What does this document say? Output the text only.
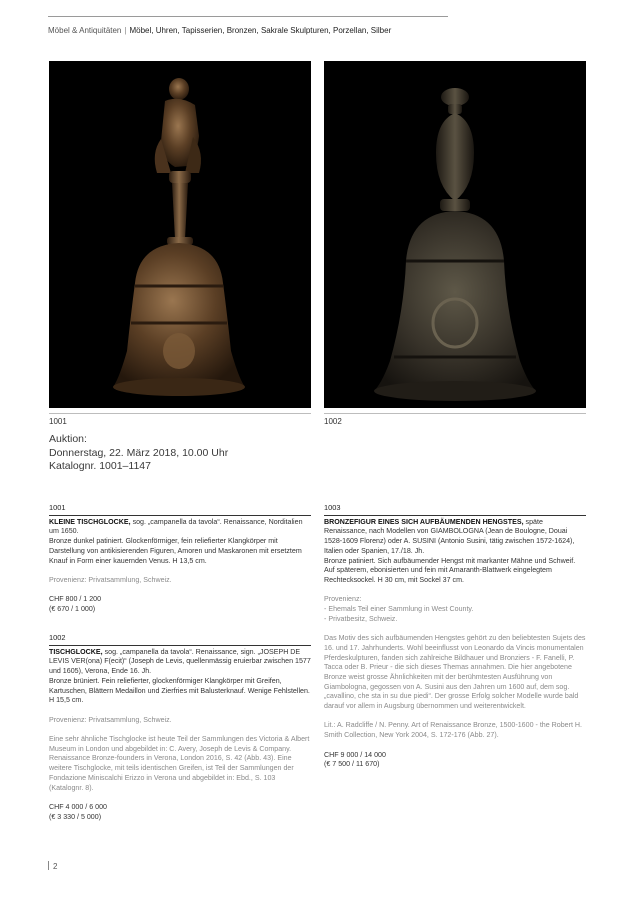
Möbel & Antiquitäten | Möbel, Uhren, Tapisserien, Bronzen, Sakrale Skulpturen, Porzellan, Silber
1001	1002
Auktion:
Donnerstag, 22. März 2018, 10.00 Uhr
Katalognr. 1001–1147
1001

KLEINE TISCHGLOCKE, sog. „campanella da tavola“. Renaissance, Norditalien um 1650.

Bronze dunkel patiniert. Glockenförmiger, fein reliefierter Klangkörper mit Darstellung von antikisierenden Figuren, Amoren und Maskaronen mit ersetztem Knauf in Form einer kauernden Venus. H 13,5 cm.

Provenienz: Privatsammlung, Schweiz.

CHF 800 / 1 200

(€ 670 / 1 000)

1002

TISCHGLOCKE, sog. „campanella da tavola“. Renaissance, sign. „JOSEPH DE LEVIS VER(ona) F(ecit)“ (Joseph de Levis, quellenmässig eruierbar zwischen 1577 und 1605), Verona, Ende 16. Jh.

Bronze brüniert. Fein reliefierter, glockenförmiger Klangkörper mit Greifen, Kartuschen, Blättern Medaillon und Zierfries mit Balusterknauf. Wenige Fehlstellen. H 15,5 cm.

Provenienz: Privatsammlung, Schweiz.

Eine sehr ähnliche Tischglocke ist heute Teil der Sammlungen des Victoria & Albert Museum in London und abgebildet in: C. Avery, Joseph de Levis & Company. Renaissance Bronze-founders in Verona, London 2016, S. 42 (Abb. 43). Eine weitere Tischglocke, mit teils identischen Greifen, ist Teil der Sammlungen der Fondazione Miniscalchi Erizzo in Verona und abgebildet in: Ebd., S. 103 (Katalognr. 8).

CHF 4 000 / 6 000

(€ 3 330 / 5 000)

1003

BRONZEFIGUR EINES SICH AUFBÄUMENDEN HENGSTES, späte Renaissance, nach Modellen von GIAMBOLOGNA (Jean de Boulogne, Douai 1528-1609 Florenz) oder A. SUSINI (Antonio Susini, tätig zwischen 1572-1624), Italien oder Spanien, 17./18. Jh.

Bronze patiniert. Sich aufbäumender Hengst mit markanter Mähne und Schweif. Auf späterem, ebonisierten und fein mit Amaranth-Blattwerk eingelegtem Rechtecksockel. H 30 cm, mit Sockel 37 cm.

Provenienz:

- Ehemals Teil einer Sammlung in West County.

- Privatbesitz, Schweiz.

Das Motiv des sich aufbäumenden Hengstes gehört zu den beliebtesten Sujets des 16. und 17. Jahrhunderts. Wohl beeinflusst von Leonardo da Vincis monumentalen Pferdeskulpturen, fanden sich zahlreiche Bildhauer und Bronziers - F. Fanelli, P. Tacca oder B. Prieur - die sich dieses Themas annahmen. Die hier angebotene Bronze weist grosse Ähnlichkeiten mit der berühmtesten Ausführung von Giambologna, gegossen von A. Susini aus den Jahren um 1600 auf, dem sog. „cavallino, che sta in su due piedi“. Der grosse Erfolg solcher Modelle wurde bald darauf vor allem in Augsburg übernommen und weiterentwickelt.

Lit.: A. Radcliffe / N. Penny. Art of Renaissance Bronze, 1500-1600 - the Robert H. Smith Collection, New York 2004, S. 172-176 (Abb. 27).

CHF 9 000 / 14 000

(€ 7 500 / 11 670)

2
